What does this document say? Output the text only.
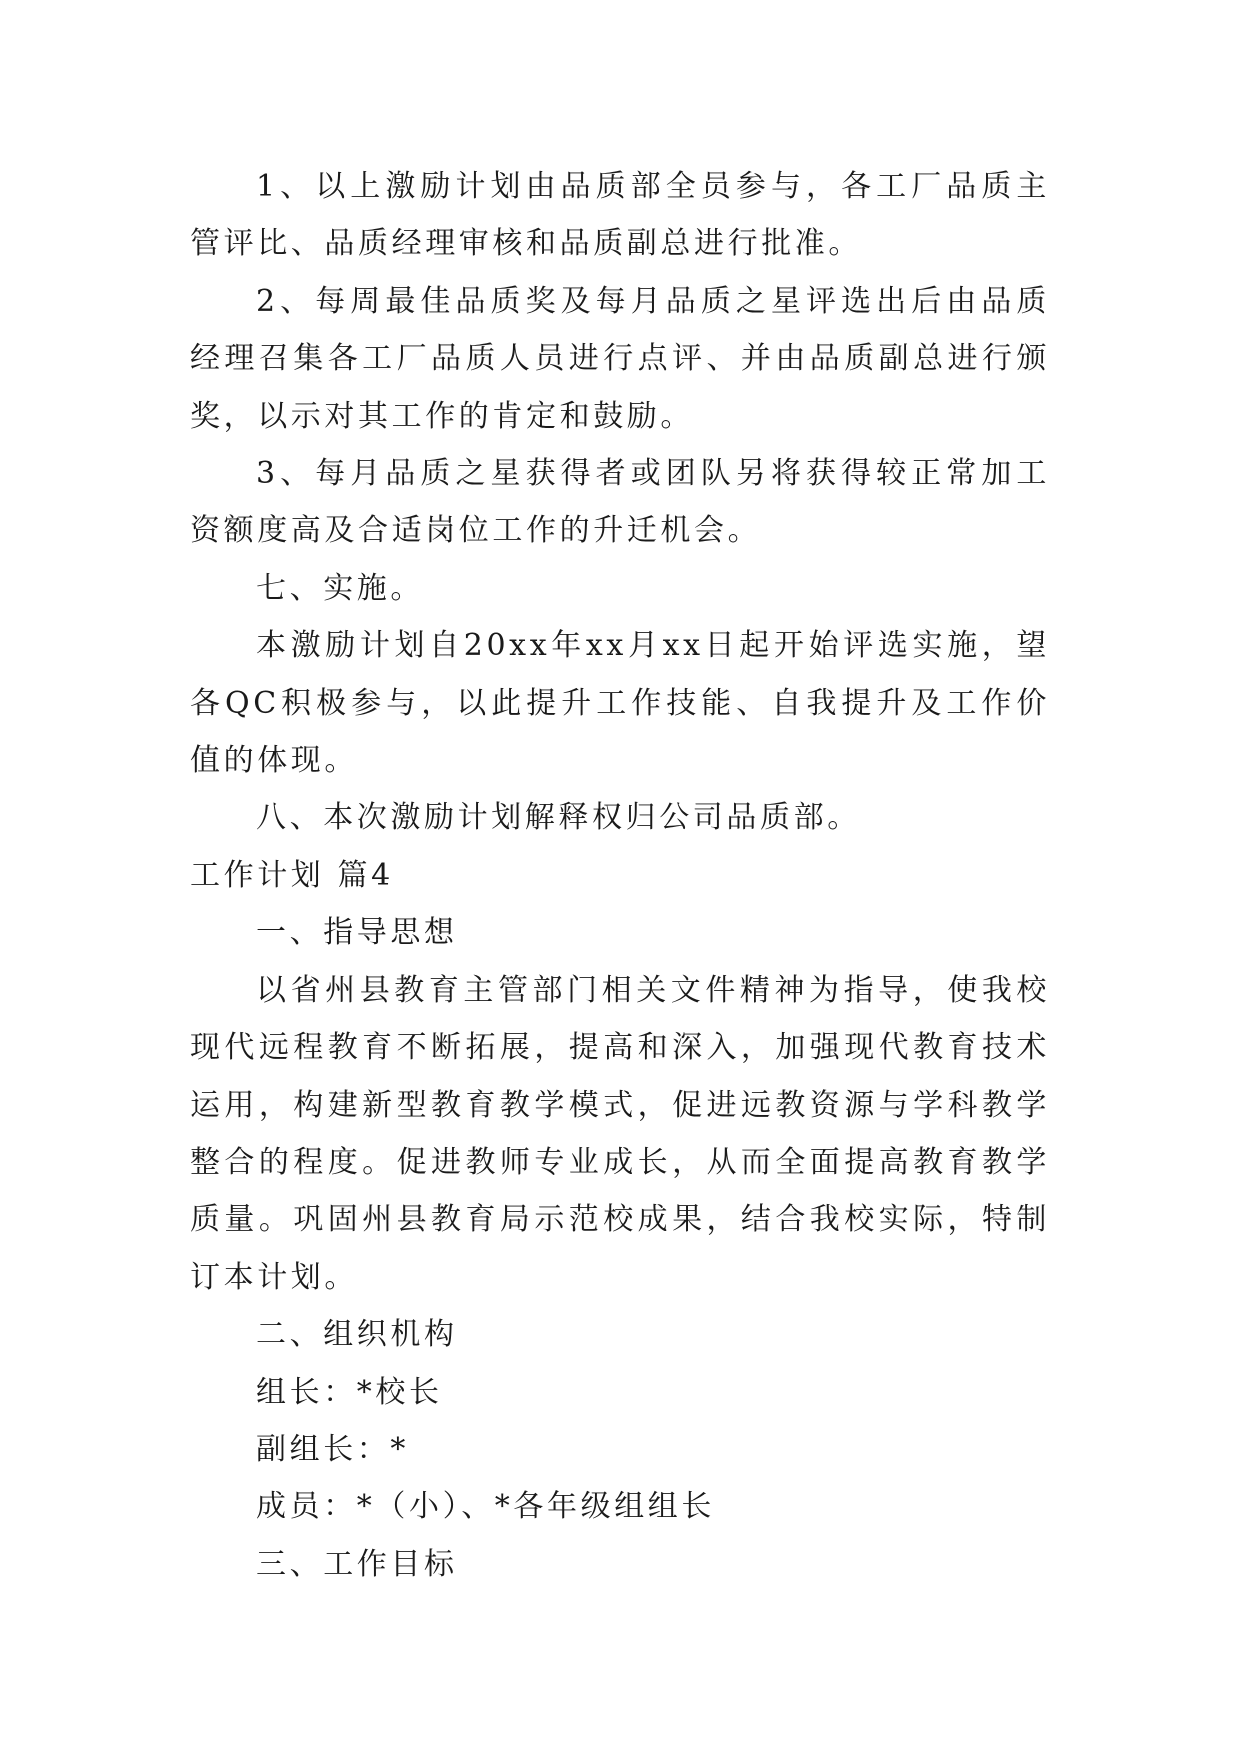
1、以上激励计划由品质部全员参与，各工厂品质主管评比、品质经理审核和品质副总进行批准。

2、每周最佳品质奖及每月品质之星评选出后由品质经理召集各工厂品质人员进行点评、并由品质副总进行颁奖，以示对其工作的肯定和鼓励。

3、每月品质之星获得者或团队另将获得较正常加工资额度高及合适岗位工作的升迁机会。

七、实施。

本激励计划自20xx年xx月xx日起开始评选实施，望各QC积极参与，以此提升工作技能、自我提升及工作价值的体现。

八、本次激励计划解释权归公司品质部。

工作计划 篇4

一、指导思想

以省州县教育主管部门相关文件精神为指导，使我校现代远程教育不断拓展，提高和深入，加强现代教育技术运用，构建新型教育教学模式，促进远教资源与学科教学整合的程度。促进教师专业成长，从而全面提高教育教学质量。巩固州县教育局示范校成果，结合我校实际，特制订本计划。

二、组织机构

组长：*校长

副组长：*

成员：*（小）、*各年级组组长

三、工作目标
